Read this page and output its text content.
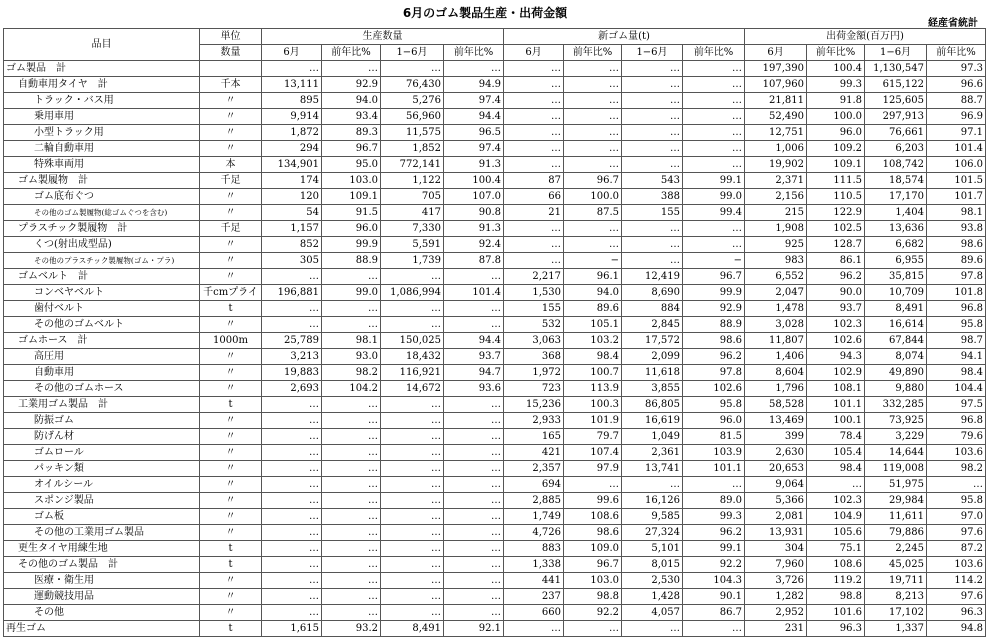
6月のゴム製品生産・出荷金額
経産省統計
品目	単位	生産数量				新ゴム量(t)				出荷金額(百万円)			
	数量	6月	前年比%	1−6月	前年比%	6月	前年比%	1−6月	前年比%	6月	前年比%	1−6月	前年比%
ゴム製品　計		…	…	…	…	…	…	…	…	197,390	100.4	1,130,547	97.3
自動車用タイヤ　計	千本	13,111	92.9	76,430	94.9	…	…	…	…	107,960	99.3	615,122	96.6
トラック・バス用	〃	895	94.0	5,276	97.4	…	…	…	…	21,811	91.8	125,605	88.7
乗用車用	〃	9,914	93.4	56,960	94.4	…	…	…	…	52,490	100.0	297,913	96.9
小型トラック用	〃	1,872	89.3	11,575	96.5	…	…	…	…	12,751	96.0	76,661	97.1
二輪自動車用	〃	294	96.7	1,852	97.4	…	…	…	…	1,006	109.2	6,203	101.4
特殊車両用	本	134,901	95.0	772,141	91.3	…	…	…	…	19,902	109.1	108,742	106.0
ゴム製履物　計	千足	174	103.0	1,122	100.4	87	96.7	543	99.1	2,371	111.5	18,574	101.5
ゴム底布ぐつ	〃	120	109.1	705	107.0	66	100.0	388	99.0	2,156	110.5	17,170	101.7
その他のゴム製履物(総ゴムぐつを含む)	〃	54	91.5	417	90.8	21	87.5	155	99.4	215	122.9	1,404	98.1
プラスチック製履物　計	千足	1,157	96.0	7,330	91.3	…	…	…	…	1,908	102.5	13,636	93.8
くつ(射出成型品)	〃	852	99.9	5,591	92.4	…	…	…	…	925	128.7	6,682	98.6
その他のプラスチック製履物(ゴム・プラ)	〃	305	88.9	1,739	87.8	…	−	…	−	983	86.1	6,955	89.6
ゴムベルト　計	〃	…	…	…	…	2,217	96.1	12,419	96.7	6,552	96.2	35,815	97.8
コンベヤベルト	千cmプライ	196,881	99.0	1,086,994	101.4	1,530	94.0	8,690	99.9	2,047	90.0	10,709	101.8
歯付ベルト	t	…	…	…	…	155	89.6	884	92.9	1,478	93.7	8,491	96.8
その他のゴムベルト	〃	…	…	…	…	532	105.1	2,845	88.9	3,028	102.3	16,614	95.8
ゴムホース　計	1000m	25,789	98.1	150,025	94.4	3,063	103.2	17,572	98.6	11,807	102.6	67,844	98.7
高圧用	〃	3,213	93.0	18,432	93.7	368	98.4	2,099	96.2	1,406	94.3	8,074	94.1
自動車用	〃	19,883	98.2	116,921	94.7	1,972	100.7	11,618	97.8	8,604	102.9	49,890	98.4
その他のゴムホース	〃	2,693	104.2	14,672	93.6	723	113.9	3,855	102.6	1,796	108.1	9,880	104.4
工業用ゴム製品　計	t	…	…	…	…	15,236	100.3	86,805	95.8	58,528	101.1	332,285	97.5
防振ゴム	〃	…	…	…	…	2,933	101.9	16,619	96.0	13,469	100.1	73,925	96.8
防げん材	〃	…	…	…	…	165	79.7	1,049	81.5	399	78.4	3,229	79.6
ゴムロール	〃	…	…	…	…	421	107.4	2,361	103.9	2,630	105.4	14,644	103.6
パッキン類	〃	…	…	…	…	2,357	97.9	13,741	101.1	20,653	98.4	119,008	98.2
オイルシール	〃	…	…	…	…	694	…	…	…	9,064	…	51,975	…
スポンジ製品	〃	…	…	…	…	2,885	99.6	16,126	89.0	5,366	102.3	29,984	95.8
ゴム板	〃	…	…	…	…	1,749	108.6	9,585	99.3	2,081	104.9	11,611	97.0
その他の工業用ゴム製品	〃	…	…	…	…	4,726	98.6	27,324	96.2	13,931	105.6	79,886	97.6
更生タイヤ用練生地	t	…	…	…	…	883	109.0	5,101	99.1	304	75.1	2,245	87.2
その他のゴム製品　計	t	…	…	…	…	1,338	96.7	8,015	92.2	7,960	108.6	45,025	103.6
医療・衛生用	〃	…	…	…	…	441	103.0	2,530	104.3	3,726	119.2	19,711	114.2
運動競技用品	〃	…	…	…	…	237	98.8	1,428	90.1	1,282	98.8	8,213	97.6
その他	〃	…	…	…	…	660	92.2	4,057	86.7	2,952	101.6	17,102	96.3
再生ゴム	t	1,615	93.2	8,491	92.1	…	…	…	…	231	96.3	1,337	94.8
